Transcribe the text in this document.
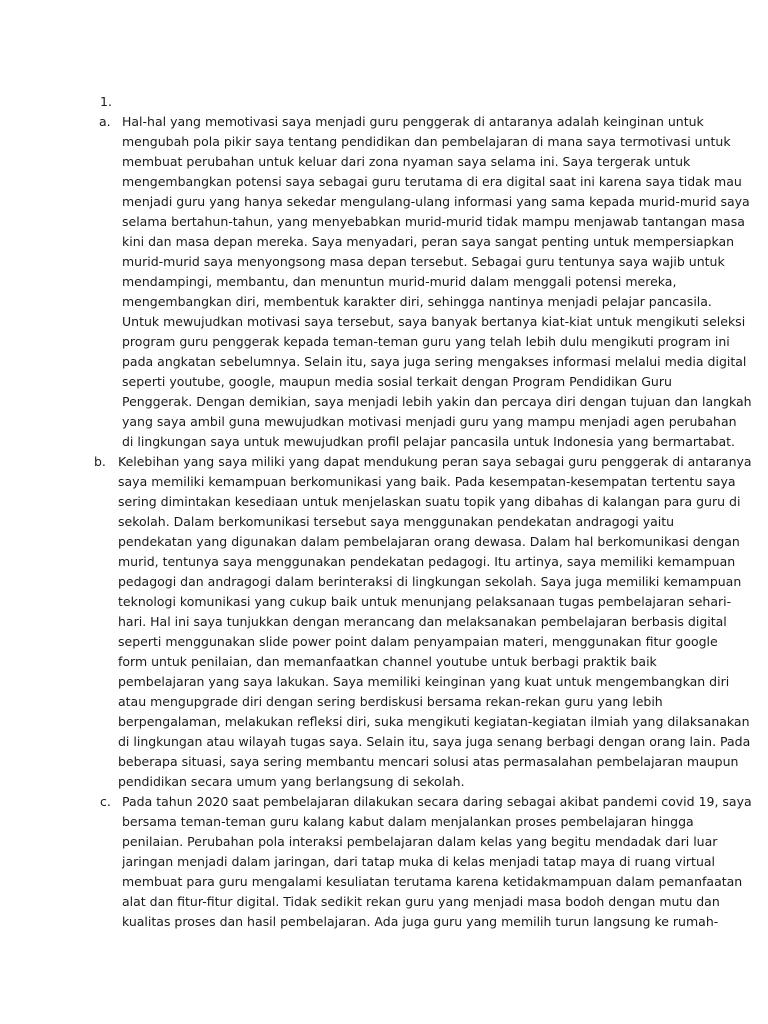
1.
a. Hal-hal yang memotivasi saya menjadi guru penggerak di antaranya adalah keinginan untuk
mengubah pola pikir saya tentang pendidikan dan pembelajaran di mana saya termotivasi untuk
membuat perubahan untuk keluar dari zona nyaman saya selama ini. Saya tergerak untuk
mengembangkan potensi saya sebagai guru terutama di era digital saat ini karena saya tidak mau
menjadi guru yang hanya sekedar mengulang-ulang informasi yang sama kepada murid-murid saya
selama bertahun-tahun, yang menyebabkan murid-murid tidak mampu menjawab tantangan masa
kini dan masa depan mereka. Saya menyadari, peran saya sangat penting untuk mempersiapkan
murid-murid saya menyongsong masa depan tersebut. Sebagai guru tentunya saya wajib untuk
mendampingi, membantu, dan menuntun murid-murid dalam menggali potensi mereka,
mengembangkan diri, membentuk karakter diri, sehingga nantinya menjadi pelajar pancasila.
Untuk mewujudkan motivasi saya tersebut, saya banyak bertanya kiat-kiat untuk mengikuti seleksi
program guru penggerak kepada teman-teman guru yang telah lebih dulu mengikuti program ini
pada angkatan sebelumnya. Selain itu, saya juga sering mengakses informasi melalui media digital
seperti youtube, google, maupun media sosial terkait dengan Program Pendidikan Guru
Penggerak. Dengan demikian, saya menjadi lebih yakin dan percaya diri dengan tujuan dan langkah
yang saya ambil guna mewujudkan motivasi menjadi guru yang mampu menjadi agen perubahan
di lingkungan saya untuk mewujudkan profil pelajar pancasila untuk Indonesia yang bermartabat.
b. Kelebihan yang saya miliki yang dapat mendukung peran saya sebagai guru penggerak di antaranya
saya memiliki kemampuan berkomunikasi yang baik. Pada kesempatan-kesempatan tertentu saya
sering dimintakan kesediaan untuk menjelaskan suatu topik yang dibahas di kalangan para guru di
sekolah. Dalam berkomunikasi tersebut saya menggunakan pendekatan andragogi yaitu
pendekatan yang digunakan dalam pembelajaran orang dewasa. Dalam hal berkomunikasi dengan
murid, tentunya saya menggunakan pendekatan pedagogi. Itu artinya, saya memiliki kemampuan
pedagogi dan andragogi dalam berinteraksi di lingkungan sekolah. Saya juga memiliki kemampuan
teknologi komunikasi yang cukup baik untuk menunjang pelaksanaan tugas pembelajaran sehari-
hari. Hal ini saya tunjukkan dengan merancang dan melaksanakan pembelajaran berbasis digital
seperti menggunakan slide power point dalam penyampaian materi, menggunakan fitur google
form untuk penilaian, dan memanfaatkan channel youtube untuk berbagi praktik baik
pembelajaran yang saya lakukan. Saya memiliki keinginan yang kuat untuk mengembangkan diri
atau mengupgrade diri dengan sering berdiskusi bersama rekan-rekan guru yang lebih
berpengalaman, melakukan refleksi diri, suka mengikuti kegiatan-kegiatan ilmiah yang dilaksanakan
di lingkungan atau wilayah tugas saya. Selain itu, saya juga senang berbagi dengan orang lain. Pada
beberapa situasi, saya sering membantu mencari solusi atas permasalahan pembelajaran maupun
pendidikan secara umum yang berlangsung di sekolah.
c. Pada tahun 2020 saat pembelajaran dilakukan secara daring sebagai akibat pandemi covid 19, saya
bersama teman-teman guru kalang kabut dalam menjalankan proses pembelajaran hingga
penilaian. Perubahan pola interaksi pembelajaran dalam kelas yang begitu mendadak dari luar
jaringan menjadi dalam jaringan, dari tatap muka di kelas menjadi tatap maya di ruang virtual
membuat para guru mengalami kesuliatan terutama karena ketidakmampuan dalam pemanfaatan
alat dan fitur-fitur digital. Tidak sedikit rekan guru yang menjadi masa bodoh dengan mutu dan
kualitas proses dan hasil pembelajaran. Ada juga guru yang memilih turun langsung ke rumah-
